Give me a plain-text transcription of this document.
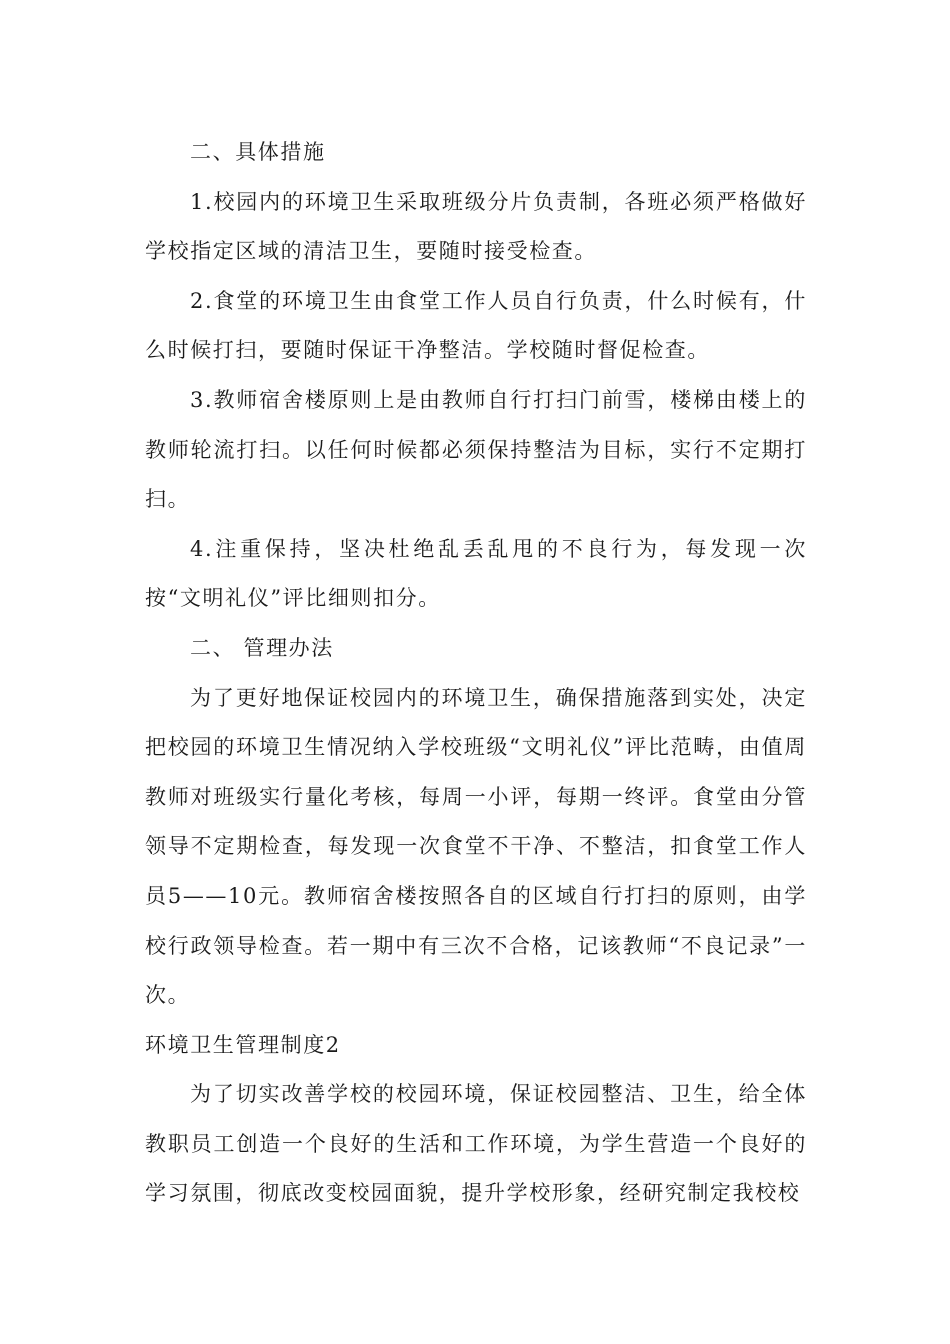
二、具体措施

1.校园内的环境卫生采取班级分片负责制，各班必须严格做好学校指定区域的清洁卫生，要随时接受检查。

2.食堂的环境卫生由食堂工作人员自行负责，什么时候有，什么时候打扫，要随时保证干净整洁。学校随时督促检查。

3.教师宿舍楼原则上是由教师自行打扫门前雪，楼梯由楼上的教师轮流打扫。以任何时候都必须保持整洁为目标，实行不定期打扫。

4.注重保持，坚决杜绝乱丢乱甩的不良行为，每发现一次按“文明礼仪”评比细则扣分。

二、 管理办法

为了更好地保证校园内的环境卫生，确保措施落到实处，决定把校园的环境卫生情况纳入学校班级“文明礼仪”评比范畴，由值周教师对班级实行量化考核，每周一小评，每期一终评。食堂由分管领导不定期检查，每发现一次食堂不干净、不整洁，扣食堂工作人员5——10元。教师宿舍楼按照各自的区域自行打扫的原则，由学校行政领导检查。若一期中有三次不合格，记该教师“不良记录”一次。

环境卫生管理制度2

为了切实改善学校的校园环境，保证校园整洁、卫生，给全体教职员工创造一个良好的生活和工作环境，为学生营造一个良好的学习氛围，彻底改变校园面貌，提升学校形象，经研究制定我校校
